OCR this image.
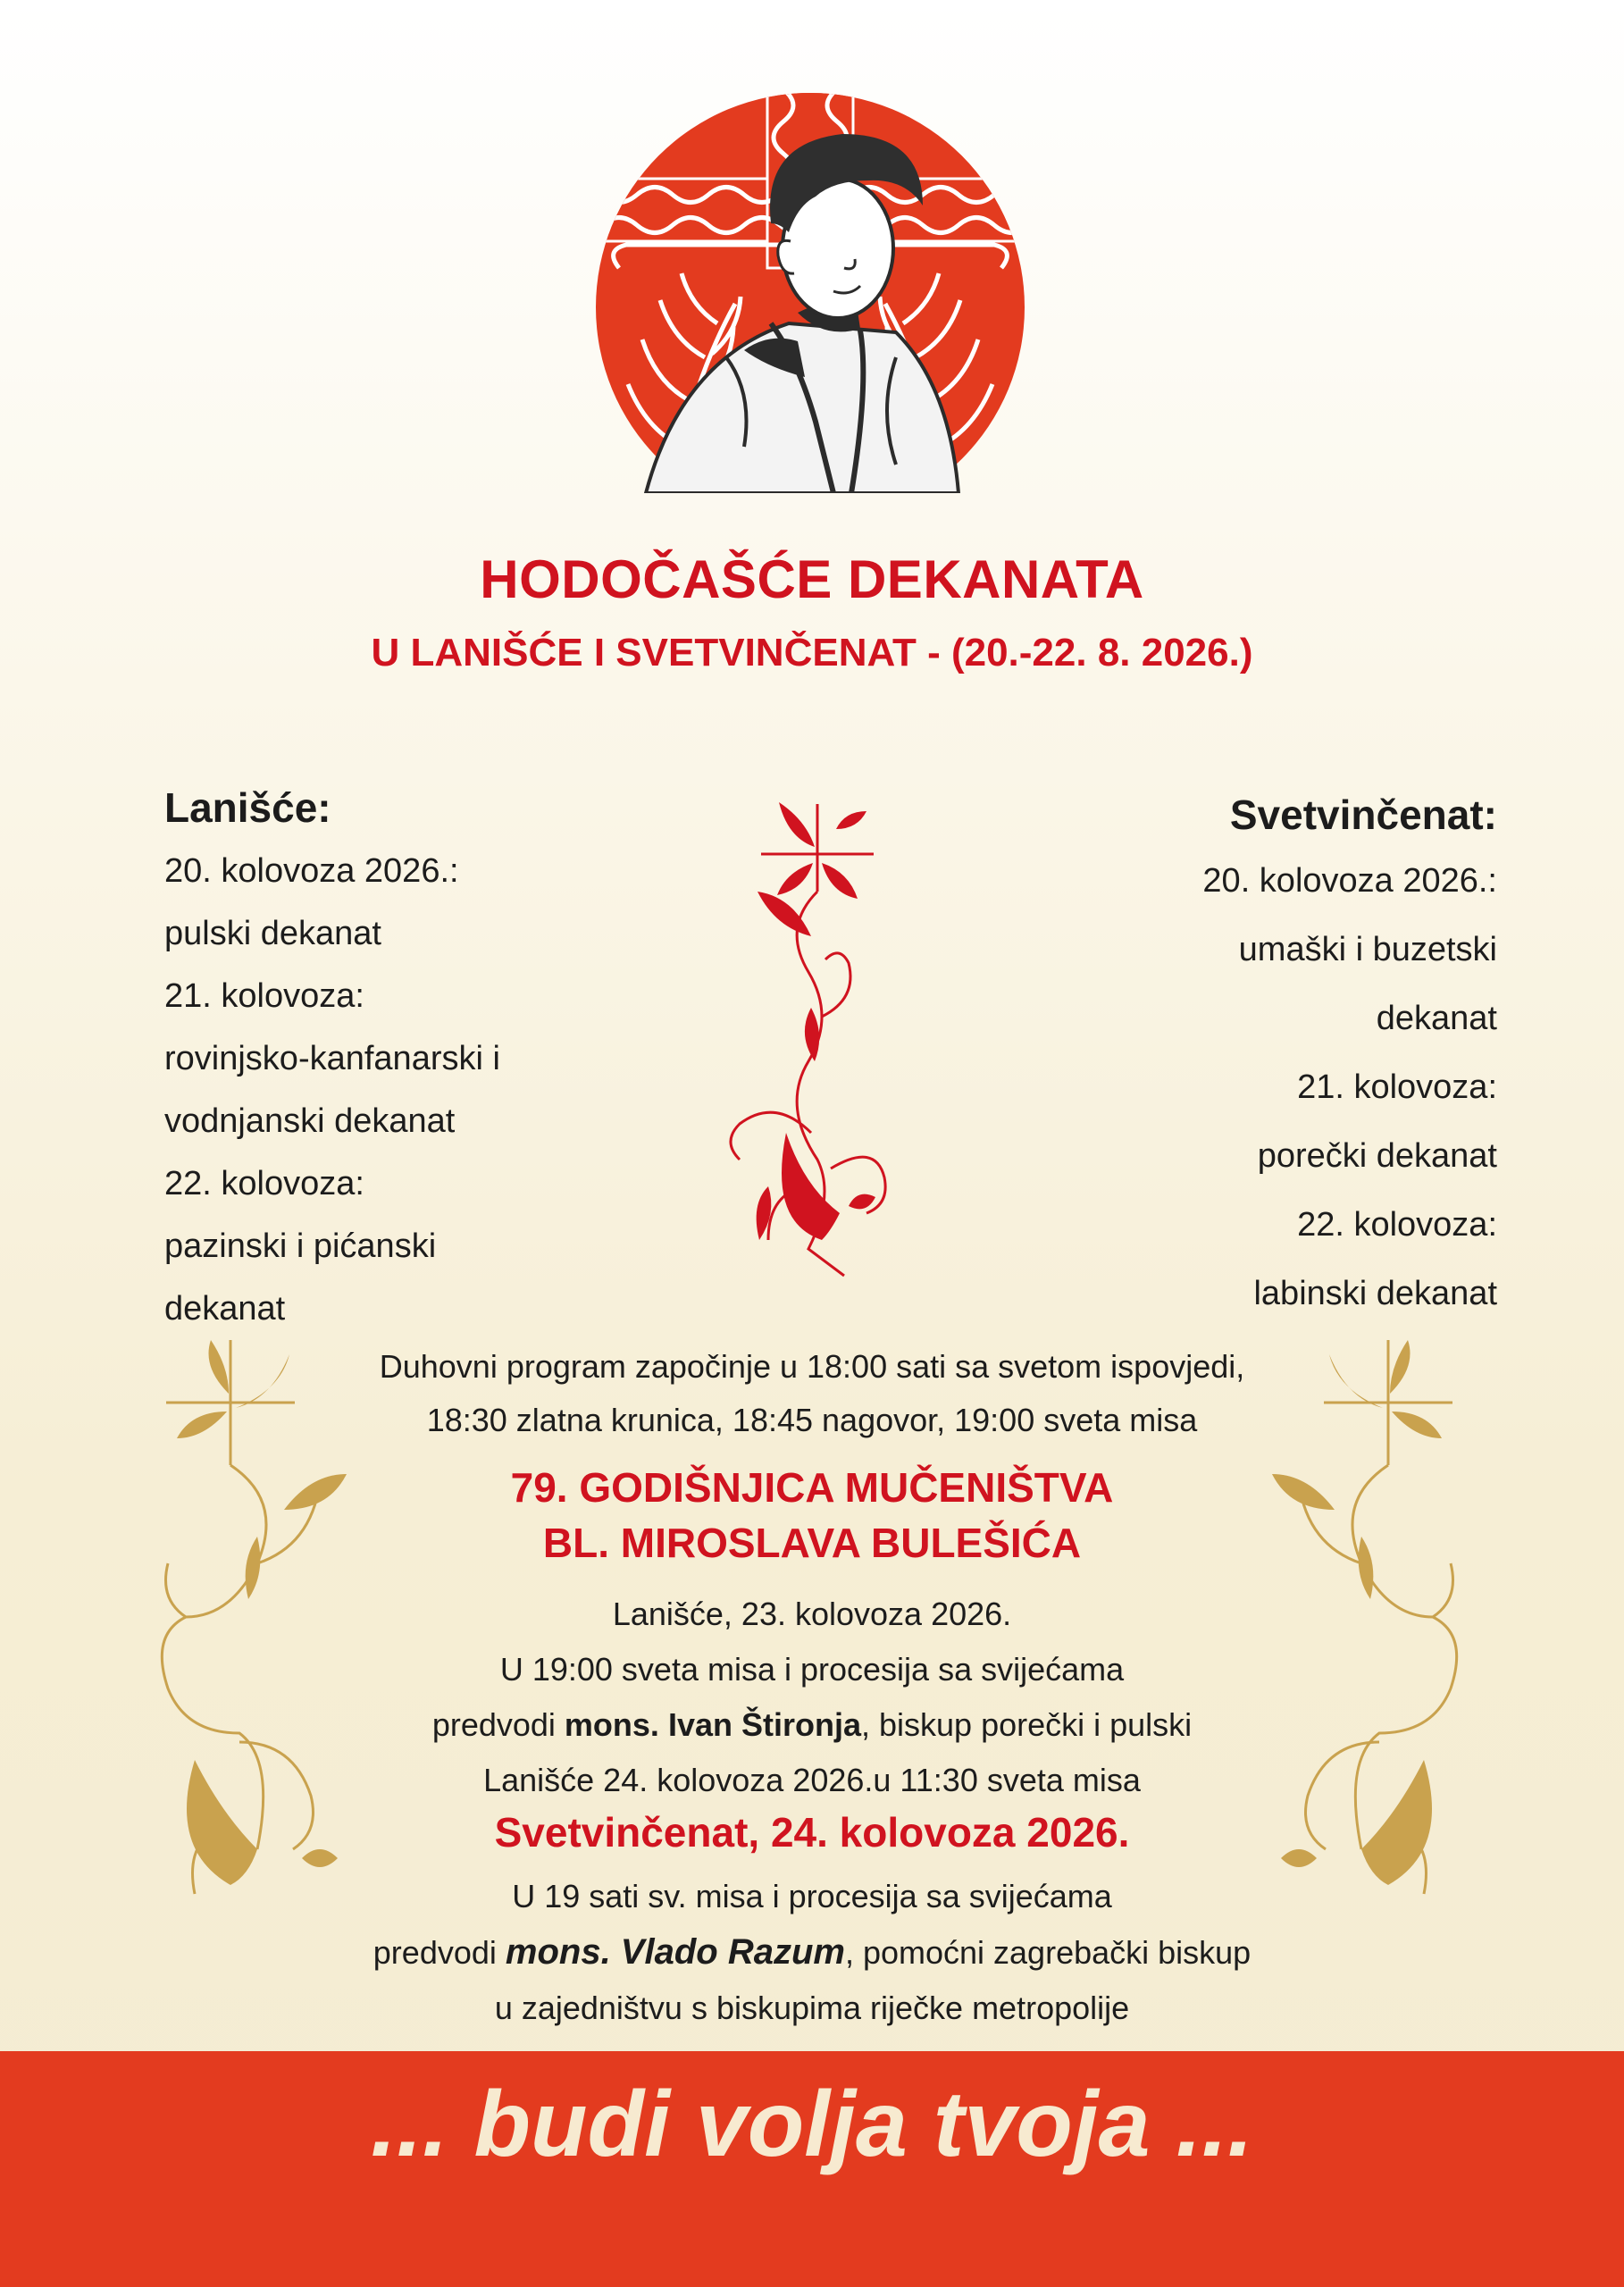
HODOČAŠĆE DEKANATA
U LANIŠĆE I SVETVINČENAT - (20.-22. 8. 2026.)
Lanišće:
20. kolovoza 2026.:
pulski dekanat
21. kolovoza:
rovinjsko-kanfanarski i
vodnjanski dekanat
22. kolovoza:
pazinski i pićanski
dekanat
Svetvinčenat:
20. kolovoza 2026.:
umaški i buzetski
dekanat
21. kolovoza:
porečki dekanat
22. kolovoza:
labinski dekanat
Duhovni program započinje u 18:00 sati sa svetom ispovjedi,
18:30 zlatna krunica, 18:45 nagovor, 19:00 sveta misa
79. GODIŠNJICA MUČENIŠTVA
BL. MIROSLAVA BULEŠIĆA
Lanišće, 23. kolovoza 2026.
U 19:00 sveta misa i procesija sa svijećama
predvodi mons. Ivan Štironja, biskup porečki i pulski
Lanišće 24. kolovoza 2026.u 11:30 sveta misa
Svetvinčenat, 24. kolovoza 2026.
U 19 sati sv. misa i procesija sa svijećama
predvodi mons. Vlado Razum, pomoćni zagrebački biskup
u zajedništvu s biskupima riječke metropolije
... budi volja tvoja ...
